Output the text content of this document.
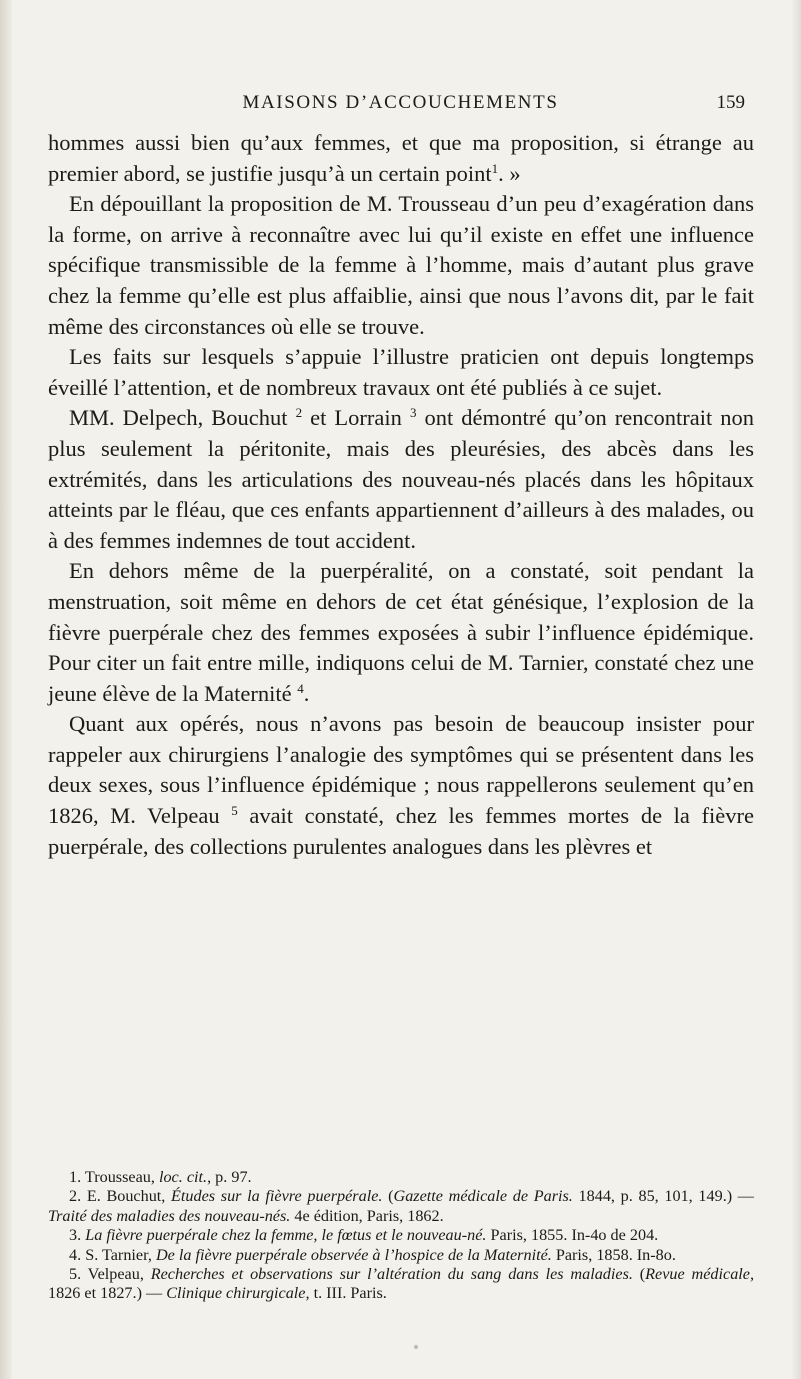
MAISONS D’ACCOUCHEMENTS	159

hommes aussi bien qu’aux femmes, et que ma proposition, si étrange au premier abord, se justifie jusqu’à un certain point$^1$. »

En dépouillant la proposition de M. Trousseau d’un peu d’exagération dans la forme, on arrive à reconnaître avec lui qu’il existe en effet une influence spécifique transmissible de la femme à l’homme, mais d’autant plus grave chez la femme qu’elle est plus affaiblie, ainsi que nous l’avons dit, par le fait même des circonstances où elle se trouve.

Les faits sur lesquels s’appuie l’illustre praticien ont depuis longtemps éveillé l’attention, et de nombreux travaux ont été publiés à ce sujet.

MM. Delpech, Bouchut $^2$ et Lorrain $^3$ ont démontré qu’on rencontrait non plus seulement la péritonite, mais des pleurésies, des abcès dans les extrémités, dans les articulations des nouveau-nés placés dans les hôpitaux atteints par le fléau, que ces enfants appartiennent d’ailleurs à des malades, ou à des femmes indemnes de tout accident.

En dehors même de la puerpéralité, on a constaté, soit pendant la menstruation, soit même en dehors de cet état génésique, l’explosion de la fièvre puerpérale chez des femmes exposées à subir l’influence épidémique. Pour citer un fait entre mille, indiquons celui de M. Tarnier, constaté chez une jeune élève de la Maternité $^4$.

Quant aux opérés, nous n’avons pas besoin de beaucoup insister pour rappeler aux chirurgiens l’analogie des symptômes qui se présentent dans les deux sexes, sous l’influence épidémique ; nous rappellerons seulement qu’en 1826, M. Velpeau $^5$ avait constaté, chez les femmes mortes de la fièvre puerpérale, des collections purulentes analogues dans les plèvres et

1. Trousseau, loc. cit., p. 97.

2. E. Bouchut, Études sur la fièvre puerpérale. (Gazette médicale de Paris. 1844, p. 85, 101, 149.) — Traité des maladies des nouveau-nés. 4e édition, Paris, 1862.

3. La fièvre puerpérale chez la femme, le fœtus et le nouveau-né. Paris, 1855. In-4o de 204.

4. S. Tarnier, De la fièvre puerpérale observée à l’hospice de la Maternité. Paris, 1858. In-8o.

5. Velpeau, Recherches et observations sur l’altération du sang dans les maladies. (Revue médicale, 1826 et 1827.) — Clinique chirurgicale, t. III. Paris.
